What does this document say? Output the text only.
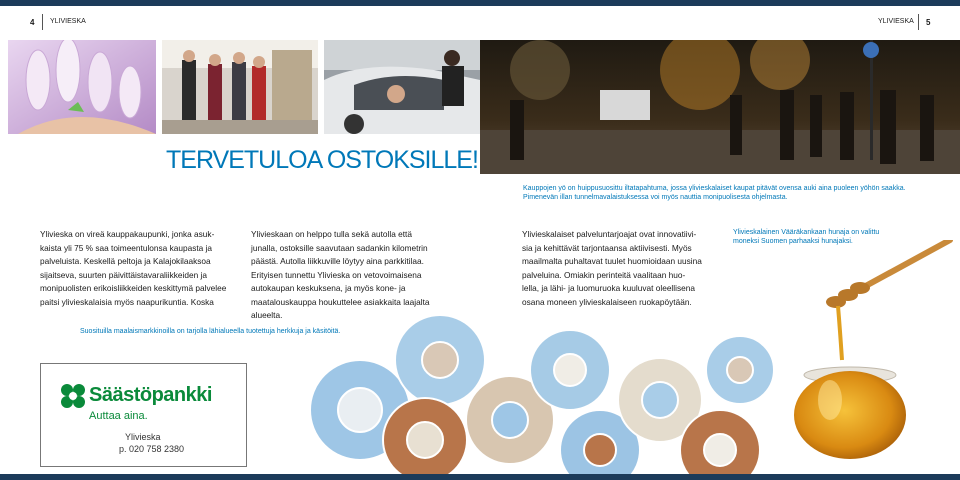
4 YLIVIESKA	YLIVIESKA 5
TERVETULOA OSTOKSILLE!
Kauppojen yö on huippusuosittu iltatapahtuma, jossa ylivieskalaiset kaupat pitävät ovensa auki aina puoleen yöhön saakka.
Pimenevän illan tunnelmavalaistuksessa voi myös nauttia monipuolisesta ohjelmasta.
Ylivieska on vireä kauppakaupunki, jonka asuk-
kaista yli 75 % saa toimeentulonsa kaupasta ja
palveluista. Keskellä peltoja ja Kalajokilaaksoa
sijaitseva, suurten päivittäistavaraliikkeiden ja
monipuolisten erikoisliikkeiden keskittymä palvelee
paitsi ylivieskalaisia myös naapurikuntia. Koska
Ylivieskaan on helppo tulla sekä autolla että
junalla, ostoksille saavutaan sadankin kilometrin
päästä. Autolla liikkuville löytyy aina parkkitilaa.
Erityisen tunnettu Ylivieska on vetovoimaisena
autokaupan keskuksena, ja myös kone- ja
maatalouskauppa houkuttelee asiakkaita laajalta
alueelta.
Ylivieskalaiset palveluntarjoajat ovat innovatiivi-
sia ja kehittävät tarjontaansa aktiivisesti. Myös
maailmalta puhaltavat tuulet huomioidaan uusina
palveluina. Omiakin perinteitä vaalitaan huo-
lella, ja lähi- ja luomuruoka kuuluvat oleellisena
osana moneen ylivieskalaiseen ruokapöytään.
Ylivieskalainen Vääräkankaan hunaja on valittu
moneksi Suomen parhaaksi hunajaksi.
Suosituilla maalaismarkkinoilla on tarjolla lähialueella tuotettuja herkkuja ja käsitöitä.
Säästöpankki
Auttaa aina.
Ylivieska
p. 020 758 2380
